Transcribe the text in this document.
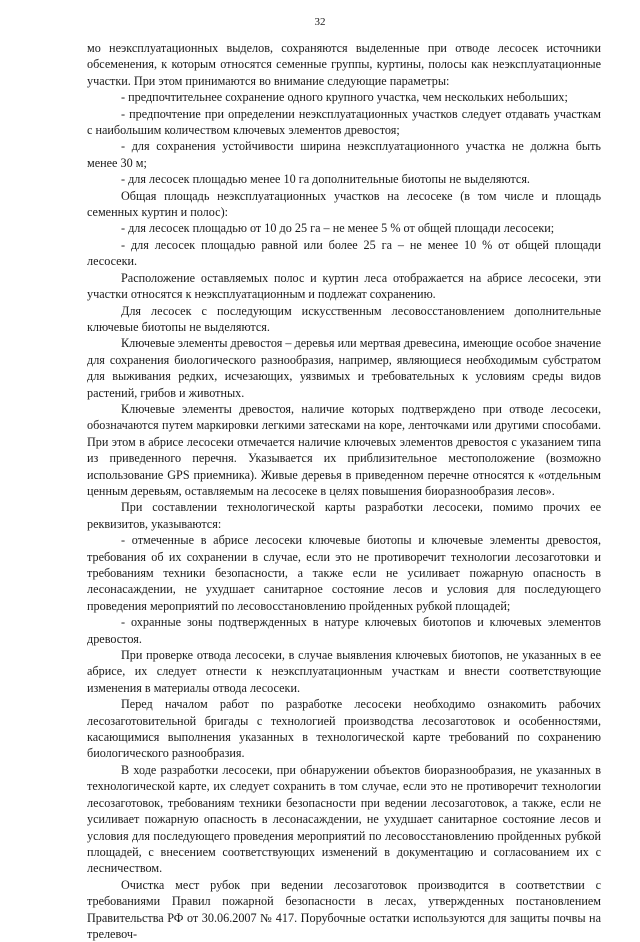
32

мо неэксплуатационных выделов, сохраняются выделенные при отводе лесосек источники обсеменения, к которым относятся семенные группы, куртины, полосы как неэксплуатационные участки. При этом принимаются во внимание следующие параметры:

- предпочтительнее сохранение одного крупного участка, чем нескольких небольших;

- предпочтение при определении неэксплуатационных участков следует отдавать участкам с наибольшим количеством ключевых элементов древостоя;

- для сохранения устойчивости ширина неэксплуатационного участка не должна быть менее 30 м;

- для лесосек площадью менее 10 га дополнительные биотопы не выделяются.

Общая площадь неэксплуатационных участков на лесосеке (в том числе и площадь семенных куртин и полос):

- для лесосек площадью от 10 до 25 га – не менее 5 % от общей площади лесосеки;

- для лесосек площадью равной или более 25 га – не менее 10 % от общей площади лесосеки.

Расположение оставляемых полос и куртин леса отображается на абрисе лесосеки, эти участки относятся к неэксплуатационным и подлежат сохранению.

Для лесосек с последующим искусственным лесовосстановлением дополнительные ключевые биотопы не выделяются.

Ключевые элементы древостоя – деревья или мертвая древесина, имеющие особое значение для сохранения биологического разнообразия, например, являющиеся необходимым субстратом для выживания редких, исчезающих, уязвимых и требовательных к условиям среды видов растений, грибов и животных.

Ключевые элементы древостоя, наличие которых подтверждено при отводе лесосеки, обозначаются путем маркировки легкими затесками на коре, ленточками или другими способами. При этом в абрисе лесосеки отмечается наличие ключевых элементов древостоя с указанием типа из приведенного перечня. Указывается их приблизительное местоположение (возможно использование GPS приемника). Живые деревья в приведенном перечне относятся к «отдельным ценным деревьям, оставляемым на лесосеке в целях повышения биоразнообразия лесов».

При составлении технологической карты разработки лесосеки, помимо прочих ее реквизитов, указываются:

- отмеченные в абрисе лесосеки ключевые биотопы и ключевые элементы древостоя, требования об их сохранении в случае, если это не противоречит технологии лесозаготовки и требованиям техники безопасности, а также если не усиливает пожарную опасность в лесонасаждении, не ухудшает санитарное состояние лесов и условия для последующего проведения мероприятий по лесовосстановлению пройденных рубкой площадей;

- охранные зоны подтвержденных в натуре ключевых биотопов и ключевых элементов древостоя.

При проверке отвода лесосеки, в случае выявления ключевых биотопов, не указанных в ее абрисе, их следует отнести к неэксплуатационным участкам и внести соответствующие изменения в материалы отвода лесосеки.

Перед началом работ по разработке лесосеки необходимо ознакомить рабочих лесозаготовительной бригады с технологией производства лесозаготовок и особенностями, касающимися выполнения указанных в технологической карте требований по сохранению биологического разнообразия.

В ходе разработки лесосеки, при обнаружении объектов биоразнообразия, не указанных в технологической карте, их следует сохранить в том случае, если это не противоречит технологии лесозаготовок, требованиям техники безопасности при ведении лесозаготовок, а также, если не усиливает пожарную опасность в лесонасаждении, не ухудшает санитарное состояние лесов и условия для последующего проведения мероприятий по лесовосстановлению пройденных рубкой площадей, с внесением соответствующих изменений в документацию и согласованием их с лесничеством.

Очистка мест рубок при ведении лесозаготовок производится в соответствии с требованиями Правил пожарной безопасности в лесах, утвержденных постановлением Правительства РФ от 30.06.2007 № 417. Порубочные остатки используются для защиты почвы на трелевоч-
